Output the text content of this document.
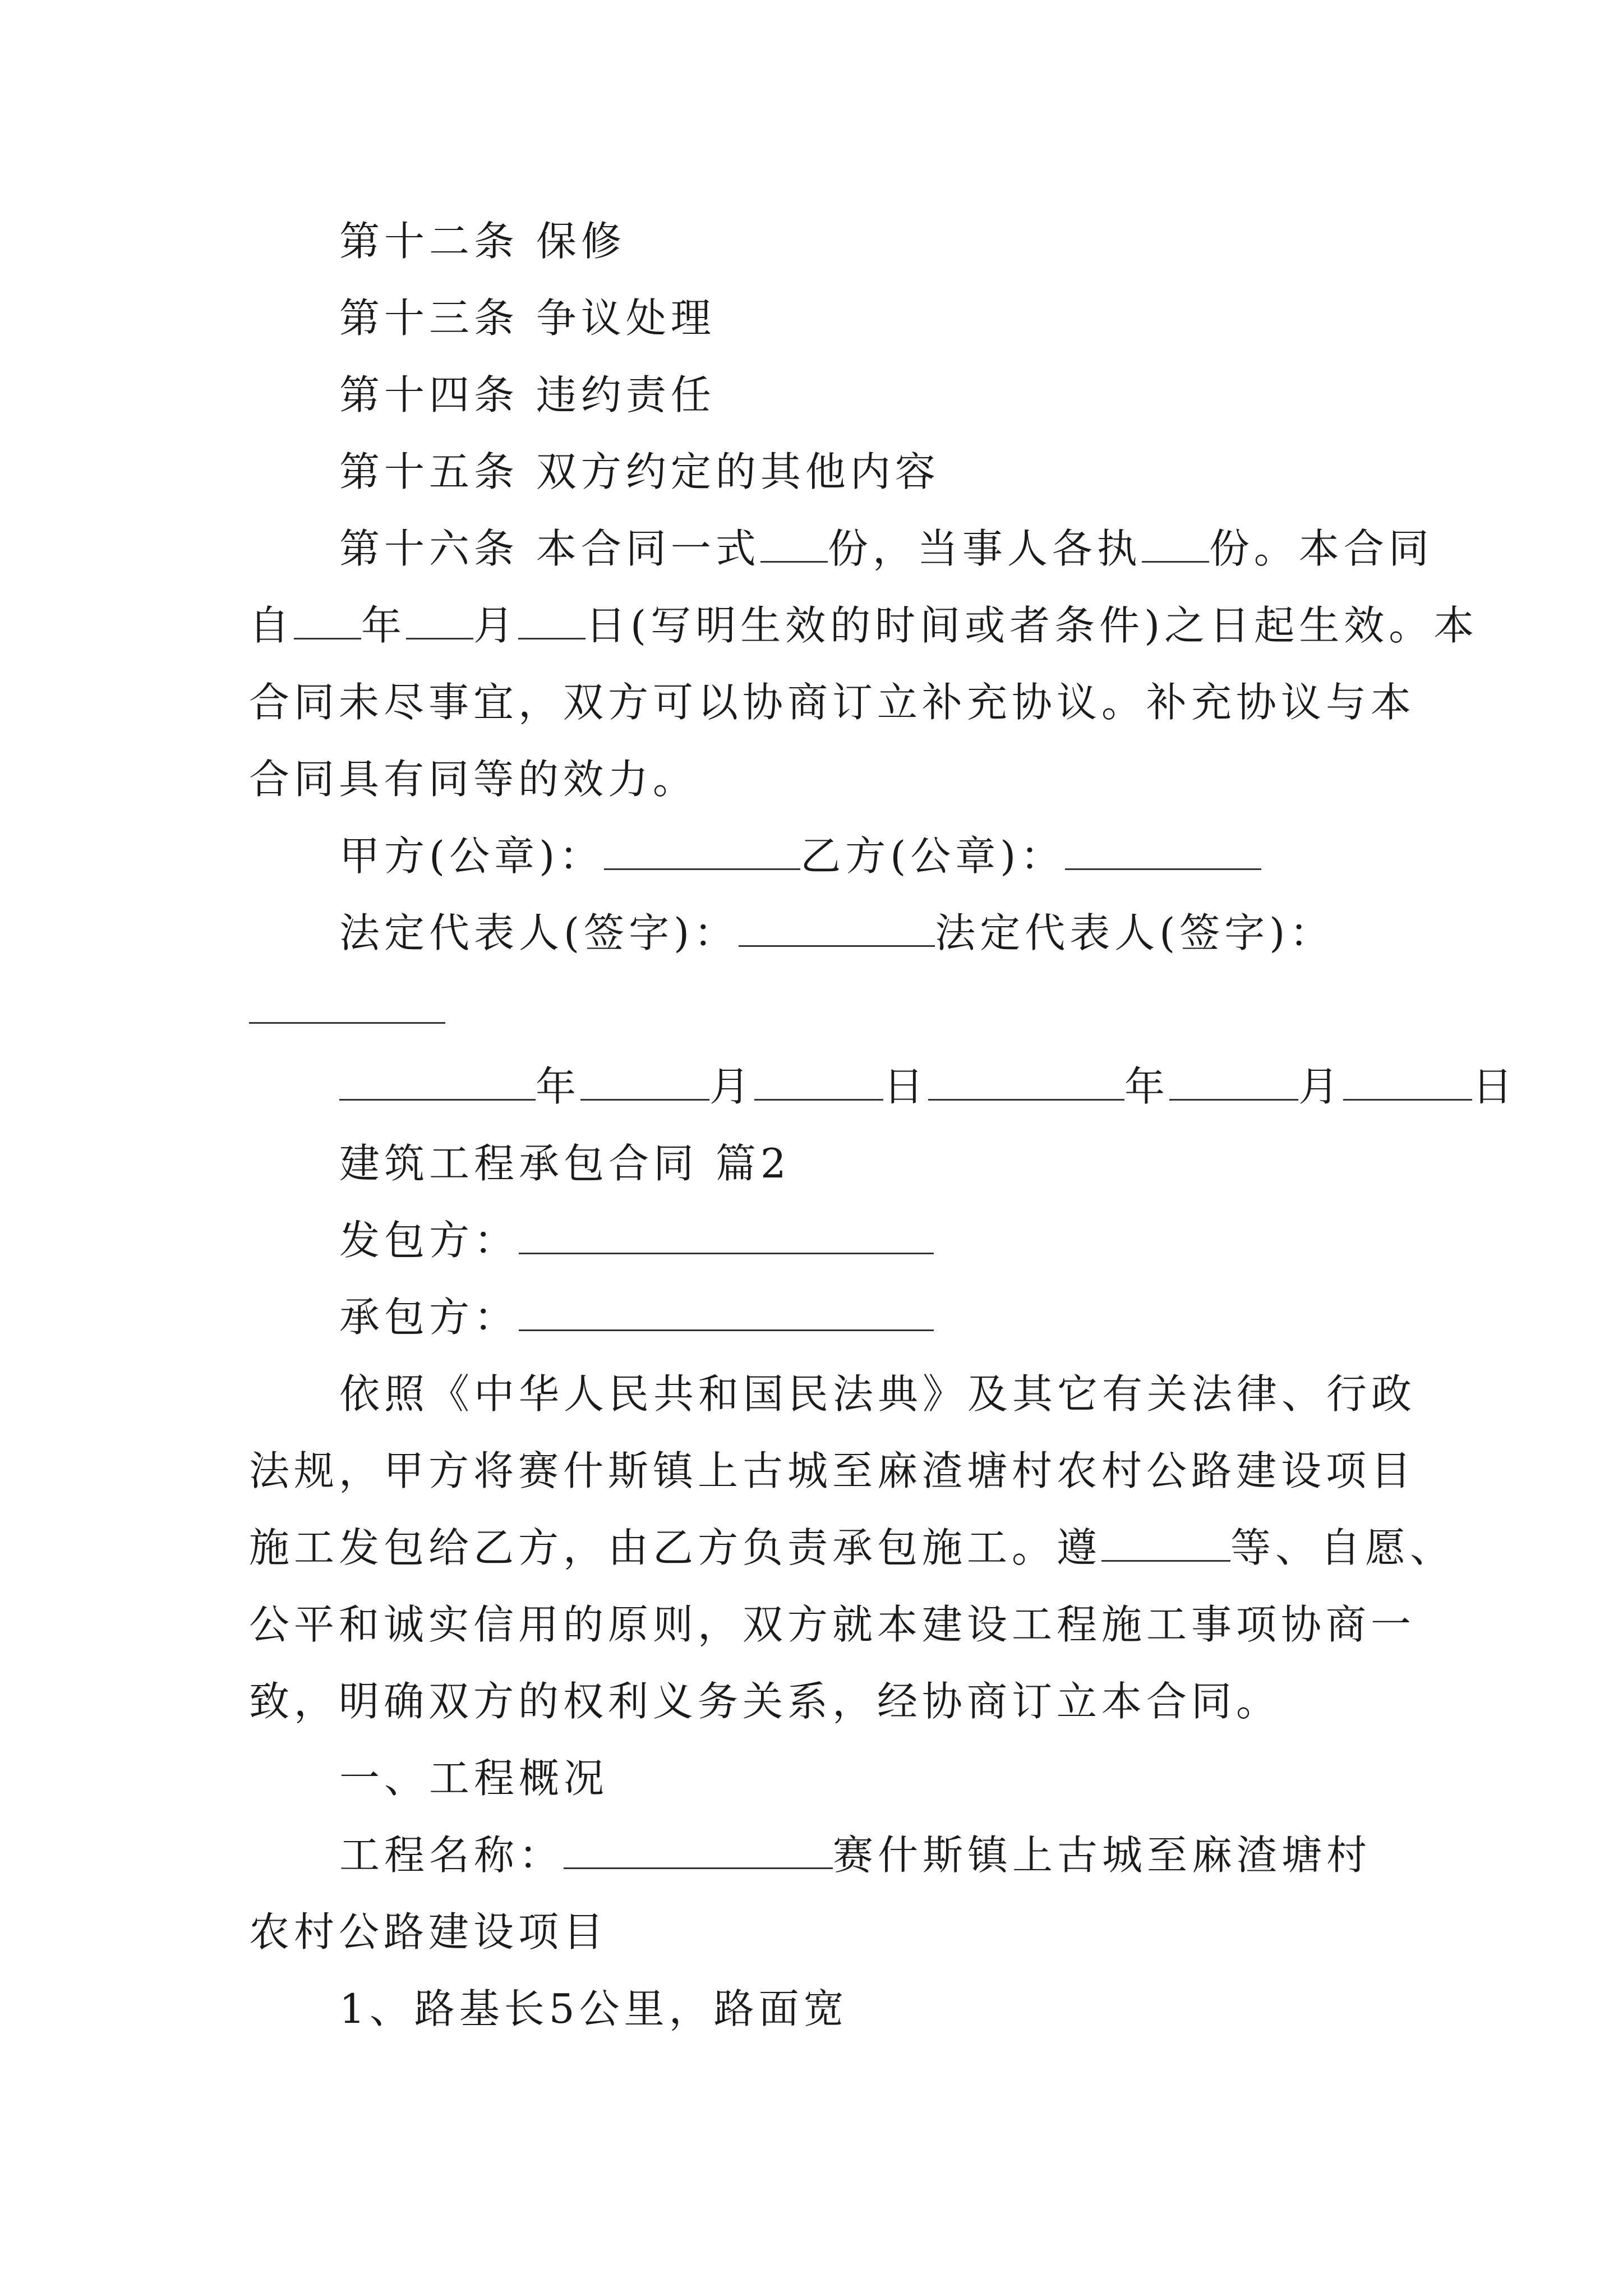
第十二条 保修
第十三条 争议处理
第十四条 违约责任
第十五条 双方约定的其他内容
第十六条 本合同一式 份，当事人各执 份。本合同
自 年 月 日(写明生效的时间或者条件)之日起生效。本
合同未尽事宜，双方可以协商订立补充协议。补充协议与本
合同具有同等的效力。
甲方(公章)：	乙方(公章)：
法定代表人(签字)：	法定代表人(签字)：
年	月	日	年	月	日
建筑工程承包合同 篇2
发包方：
承包方：
依照《中华人民共和国民法典》及其它有关法律、行政
法规，甲方将赛什斯镇上古城至麻渣塘村农村公路建设项目
施工发包给乙方，由乙方负责承包施工。遵	等、自愿、
公平和诚实信用的原则，双方就本建设工程施工事项协商一
致，明确双方的权利义务关系，经协商订立本合同。
一、工程概况
工程名称：	赛什斯镇上古城至麻渣塘村
农村公路建设项目
1、路基长5公里，路面宽
